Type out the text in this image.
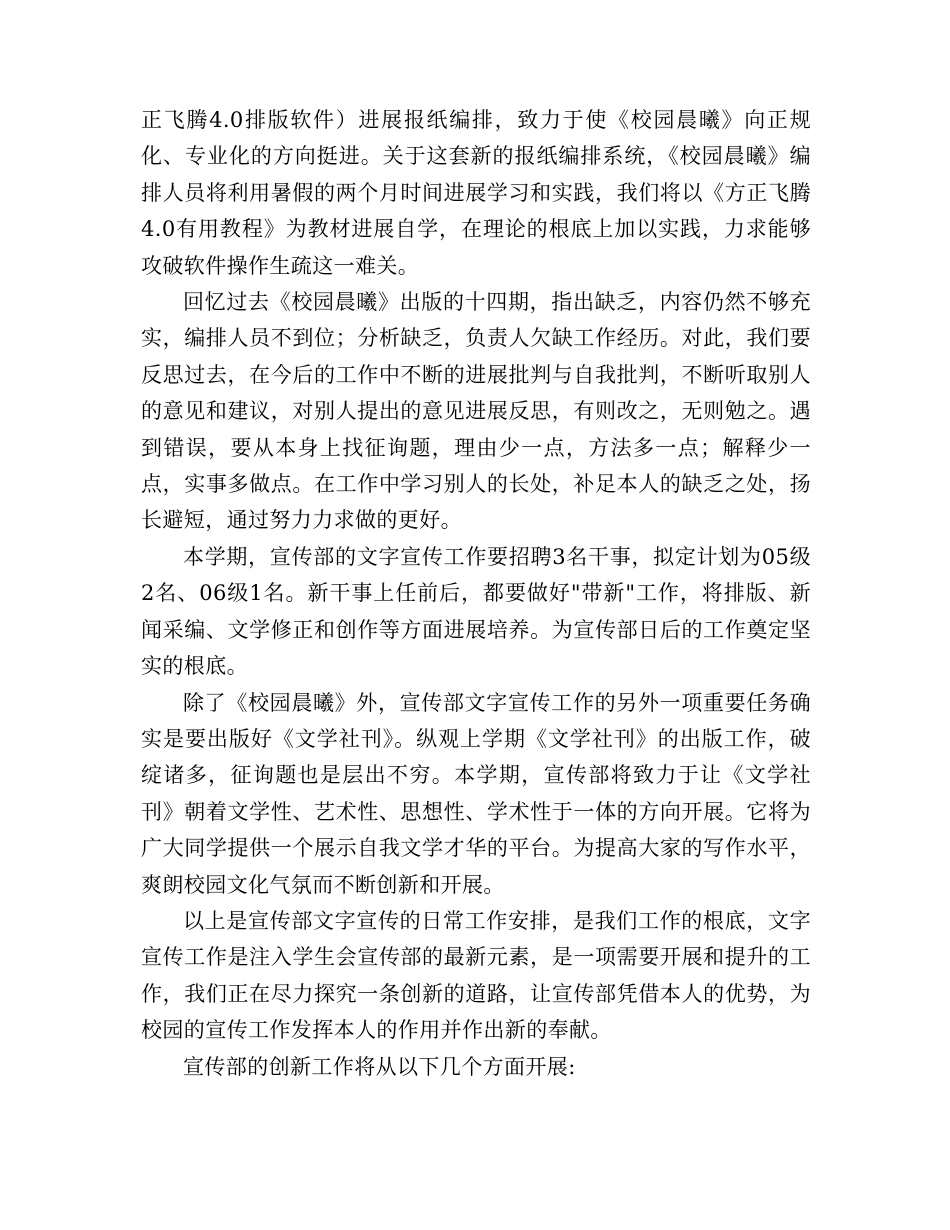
正飞腾4.0排版软件）进展报纸编排，致力于使《校园晨曦》向正规化、专业化的方向挺进。关于这套新的报纸编排系统，《校园晨曦》编排人员将利用暑假的两个月时间进展学习和实践，我们将以《方正飞腾4.0有用教程》为教材进展自学，在理论的根底上加以实践，力求能够攻破软件操作生疏这一难关。

回忆过去《校园晨曦》出版的十四期，指出缺乏，内容仍然不够充实，编排人员不到位；分析缺乏，负责人欠缺工作经历。对此，我们要反思过去，在今后的工作中不断的进展批判与自我批判，不断听取别人的意见和建议，对别人提出的意见进展反思，有则改之，无则勉之。遇到错误，要从本身上找征询题，理由少一点，方法多一点；解释少一点，实事多做点。在工作中学习别人的长处，补足本人的缺乏之处，扬长避短，通过努力力求做的更好。

本学期，宣传部的文字宣传工作要招聘3名干事，拟定计划为05级2名、06级1名。新干事上任前后，都要做好"带新"工作，将排版、新闻采编、文学修正和创作等方面进展培养。为宣传部日后的工作奠定坚实的根底。

除了《校园晨曦》外，宣传部文字宣传工作的另外一项重要任务确实是要出版好《文学社刊》。纵观上学期《文学社刊》的出版工作，破绽诸多，征询题也是层出不穷。本学期，宣传部将致力于让《文学社刊》朝着文学性、艺术性、思想性、学术性于一体的方向开展。它将为广大同学提供一个展示自我文学才华的平台。为提高大家的写作水平，爽朗校园文化气氛而不断创新和开展。

以上是宣传部文字宣传的日常工作安排，是我们工作的根底，文字宣传工作是注入学生会宣传部的最新元素，是一项需要开展和提升的工作，我们正在尽力探究一条创新的道路，让宣传部凭借本人的优势，为校园的宣传工作发挥本人的作用并作出新的奉献。

宣传部的创新工作将从以下几个方面开展:
